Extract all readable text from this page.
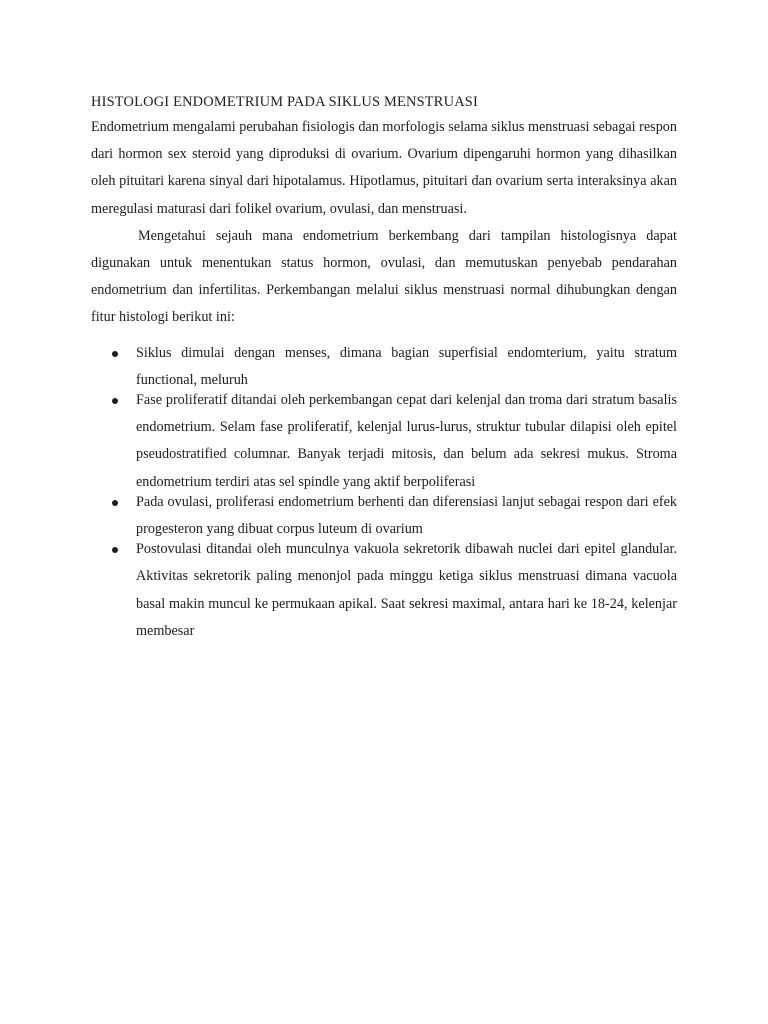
HISTOLOGI ENDOMETRIUM PADA SIKLUS MENSTRUASI

Endometrium mengalami perubahan fisiologis dan morfologis selama siklus menstruasi sebagai respon dari hormon sex steroid yang diproduksi di ovarium. Ovarium dipengaruhi hormon yang dihasilkan oleh pituitari karena sinyal dari hipotalamus. Hipotlamus, pituitari dan ovarium serta interaksinya akan meregulasi maturasi dari folikel ovarium, ovulasi, dan menstruasi.

Mengetahui sejauh mana endometrium berkembang dari tampilan histologisnya dapat digunakan untuk menentukan status hormon, ovulasi, dan memutuskan penyebab pendarahan endometrium dan infertilitas. Perkembangan melalui siklus menstruasi normal dihubungkan dengan fitur histologi berikut ini:

Siklus dimulai dengan menses, dimana bagian superfisial endomterium, yaitu stratum functional, meluruh
Fase proliferatif ditandai oleh perkembangan cepat dari kelenjal dan troma dari stratum basalis endometrium. Selam fase proliferatif, kelenjal lurus-lurus, struktur tubular dilapisi oleh epitel pseudostratified columnar. Banyak terjadi mitosis, dan belum ada sekresi mukus. Stroma endometrium terdiri atas sel spindle yang aktif berpoliferasi
Pada ovulasi, proliferasi endometrium berhenti dan diferensiasi lanjut sebagai respon dari efek progesteron yang dibuat corpus luteum di ovarium
Postovulasi ditandai oleh munculnya vakuola sekretorik dibawah nuclei dari epitel glandular. Aktivitas sekretorik paling menonjol pada minggu ketiga siklus menstruasi dimana vacuola basal makin muncul ke permukaan apikal. Saat sekresi maximal, antara hari ke 18-24, kelenjar membesar
